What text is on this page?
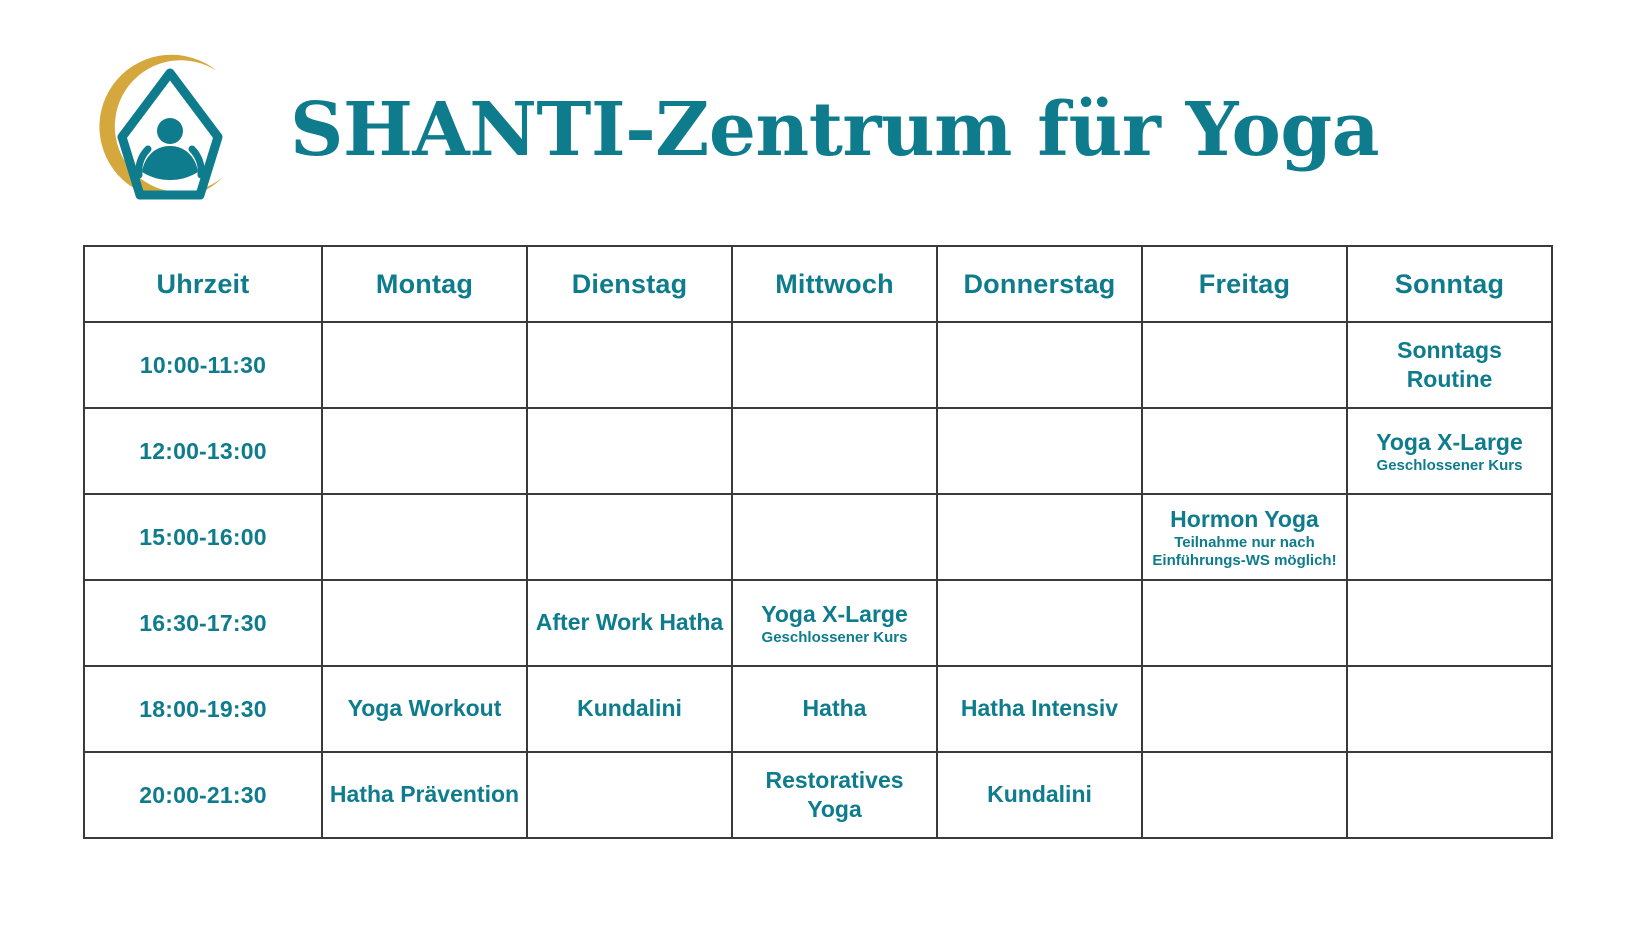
SHANTI-Zentrum für Yoga
Uhrzeit	Montag	Dienstag	Mittwoch	Donnerstag	Freitag	Sonntag
10:00-11:30						Sonntags Routine

12:00-13:00						Yoga X-Large
Geschlossener Kurs

15:00-16:00					Hormon Yoga
Teilnahme nur nach Einführungs-WS möglich!	

16:30-17:30		After Work Hatha	Yoga X-Large
Geschlossener Kurs			

18:00-19:30	Yoga Workout	Kundalini	Hatha	Hatha Intensiv		

20:00-21:30	Hatha Prävention		Restoratives Yoga	Kundalini		
